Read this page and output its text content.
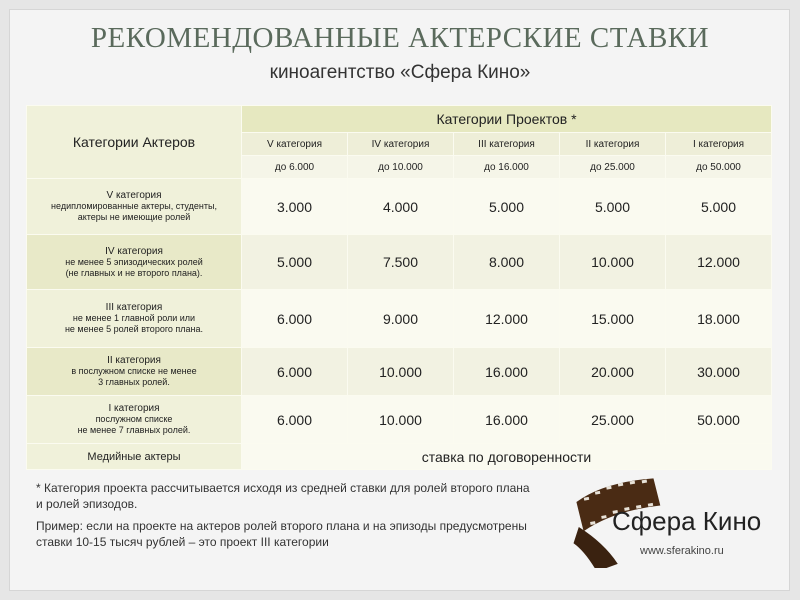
РЕКОМЕНДОВАННЫЕ АКТЕРСКИЕ СТАВКИ
киноагентство «Сфера Кино»
Категории Актеров	Категории Проектов *				
	V категория	IV категория	III категория	II категория	I категория
	до 6.000	до 10.000	до 16.000	до 25.000	до 50.000

V категория
недипломированные актеры, студенты,
актеры не имеющие ролей	3.000	4.000	5.000	5.000	5.000

IV категория
не менее 5 эпизодических ролей
(не главных и не второго плана).	5.000	7.500	8.000	10.000	12.000

III категория
не менее 1 главной роли или
не менее 5 ролей второго плана.	6.000	9.000	12.000	15.000	18.000

II категория
в послужном списке не менее
3 главных ролей.	6.000	10.000	16.000	20.000	30.000

I категория
послужном списке
не менее 7 главных ролей.	6.000	10.000	16.000	25.000	50.000
Медийные актеры	ставка по договоренности				

* Категория проекта рассчитывается исходя из средней ставки для ролей второго плана и ролей эпизодов.

Пример: если на проекте на актеров ролей второго плана и на эпизоды предусмотрены ставки 10-15 тысяч рублей – это проект III категории

Сфера Кино
www.sferakino.ru
